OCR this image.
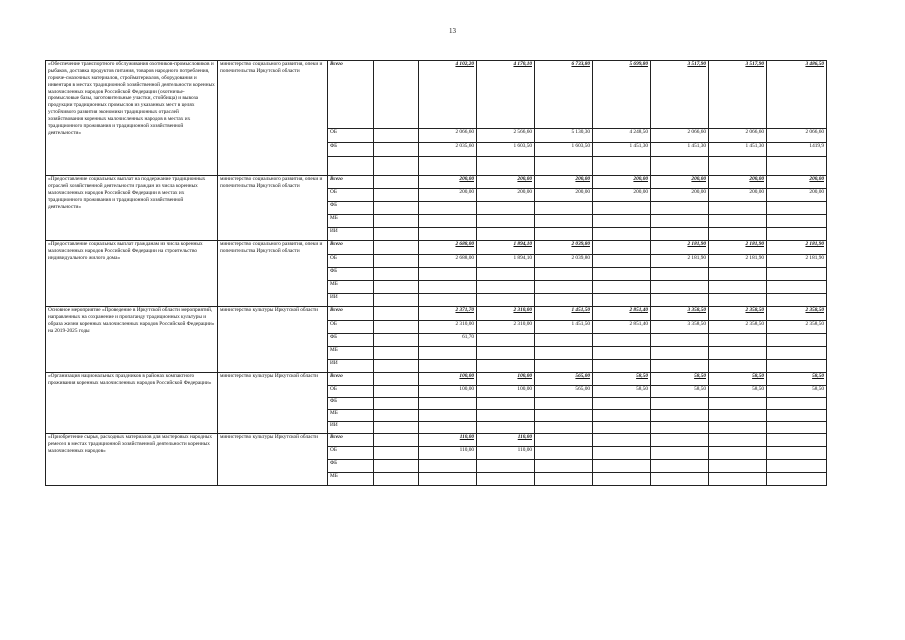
13
«Обеспечение транспортного обслуживания охотников-промысловиков и рыбаков, доставка продуктов питания, товаров народного потребления, горюче-смазочных материалов, стройматериалов, оборудования и инвентаря в местах традиционной хозяйственной деятельности коренных малочисленных народов Российской Федерации (охотничье-промысловые базы, заготовительные участки, стойбища) и вывоза продукции традиционных промыслов из указанных мест в целях устойчивого развития экономики традиционных отраслей хозяйствования коренных малочисленных народов в местах их традиционного проживания и традиционной хозяйственной деятельности»	министерство социального развития, опеки и попечительства Иркутской области	Всего		4 102,20	4 170,10	6 733,80	5 699,80	3 517,90	3 517,90	3 486,50
		ОБ		2 066,60	2 566,60	5 130,30	4 248,50	2 066,60	2 066,60	2 066,60
		ФБ		2 035,60	1 603,50	1 603,50	1 451,30	1 451,30	1 451,30	1419,9

«Предоставление социальных выплат на поддержание традиционных отраслей хозяйственной деятельности граждан из числа коренных малочисленных народов Российской Федерации в местах их традиционного проживания и традиционной хозяйственной деятельности»	министерство социального развития, опеки и попечительства Иркутской области	Всего		200,00	200,00	200,00	200,00	200,00	200,00	200,00
		ОБ		200,00	200,00	200,00	200,00	200,00	200,00	200,00
		ФБ								
		МБ								
		ИИ								
«Предоставление социальных выплат гражданам из числа коренных малочисленных народов Российской Федерации на строительство индивидуального жилого дома»	министерство социального развития, опеки и попечительства Иркутской области	Всего		2 688,00	1 894,10	2 039,80		2 181,90	2 181,90	2 181,90
		ОБ		2 688,00	1 894,10	2 039,80		2 181,90	2 181,90	2 181,90
		ФБ								
		МБ								
		ИИ								
Основное мероприятие «Проведение в Иркутской области мероприятий, направленных на сохранение и пропаганду традиционных культуры и образа жизни коренных малочисленных народов Российской Федерации» на 2019-2025 годы	министерство культуры Иркутской области	Всего		2 371,70	2 310,00	1 451,50	2 851,40	3 358,50	2 358,50	2 358,50
		ОБ		2 310,00	2 310,00	1 451,50	2 851,40	3 358,50	2 358,50	2 358,50
		ФБ		61,70						
		МБ								
		ИИ								
«Организация национальных праздников в районах компактного проживания коренных малочисленных народов Российской Федерации»	министерство культуры Иркутской области	Всего		100,00	100,00	565,00	58,50	58,50	58,50	58,50
		ОБ		100,00	100,00	565,00	58,50	58,50	58,50	58,50
		ФБ								
		МБ								
		ИИ								
«Приобретение сырья, расходных материалов для мастеровых народных ремесел в местах традиционной хозяйственной деятельности коренных малочисленных народов»	министерство культуры Иркутской области	Всего		110,00	110,00					
		ОБ		110,00	110,00					
		ФБ								
		МБ								
